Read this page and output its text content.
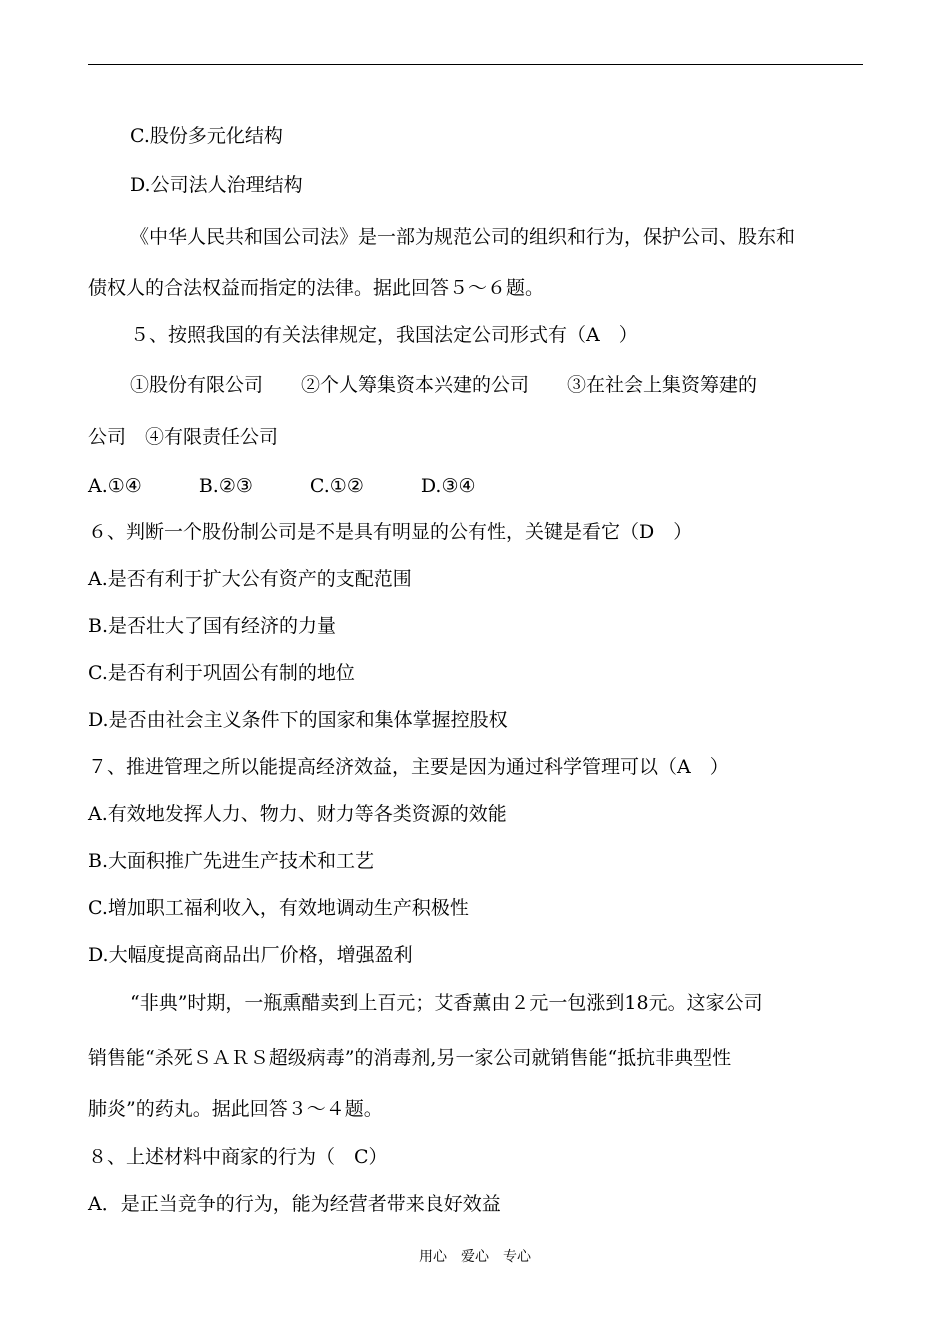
C.股份多元化结构
D.公司法人治理结构
《中华人民共和国公司法》是一部为规范公司的组织和行为，保护公司、股东和
债权人的合法权益而指定的法律。据此回答５～６题。
５、按照我国的有关法律规定，我国法定公司形式有（A　）
①股份有限公司　　②个人筹集资本兴建的公司　　③在社会上集资筹建的
公司　④有限责任公司
A.①④　　　B.②③　　　C.①②　　　D.③④
６、判断一个股份制公司是不是具有明显的公有性，关键是看它（D　）
A.是否有利于扩大公有资产的支配范围
B.是否壮大了国有经济的力量
C.是否有利于巩固公有制的地位
D.是否由社会主义条件下的国家和集体掌握控股权
７、推进管理之所以能提高经济效益，主要是因为通过科学管理可以（A　）
A.有效地发挥人力、物力、财力等各类资源的效能
B.大面积推广先进生产技术和工艺
C.增加职工福利收入，有效地调动生产积极性
D.大幅度提高商品出厂价格，增强盈利
“非典”时期，一瓶熏醋卖到上百元；艾香薰由２元一包涨到18元。这家公司
销售能“杀死ＳＡＲＳ超级病毒”的消毒剂,另一家公司就销售能“抵抗非典型性
肺炎”的药丸。据此回答３～４题。
８、上述材料中商家的行为（　C）
A．是正当竞争的行为，能为经营者带来良好效益
用心　爱心　专心
